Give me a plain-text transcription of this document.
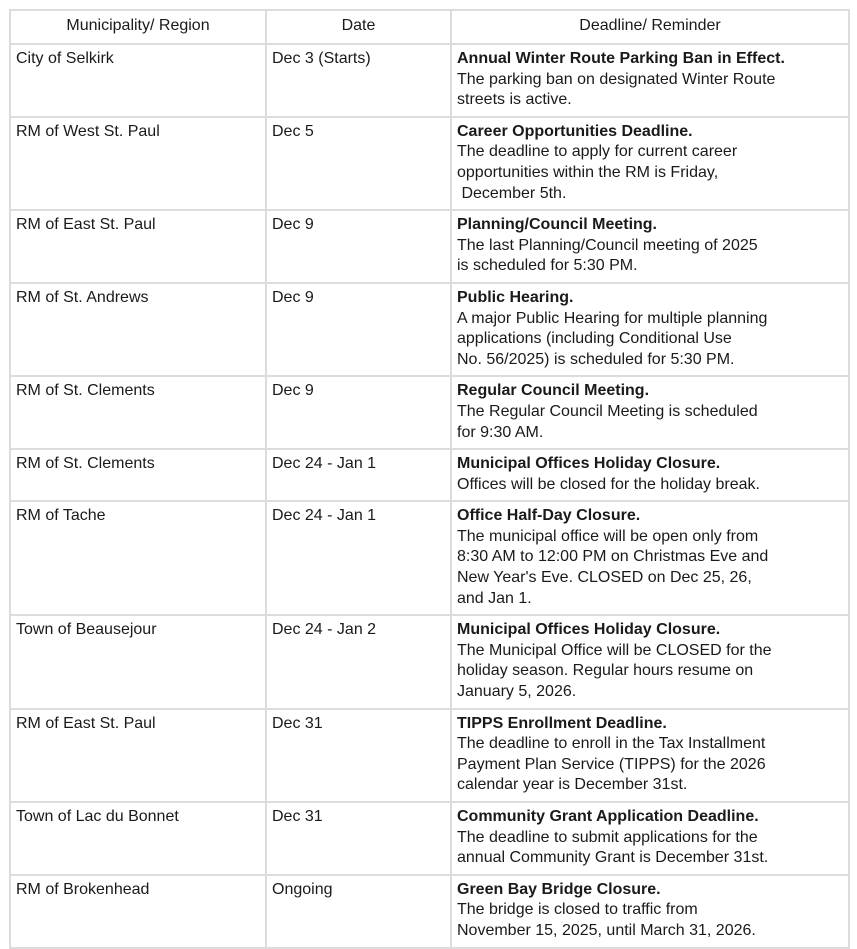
Municipality/ Region	Date	Deadline/ Reminder
City of Selkirk	Dec 3 (Starts)	Annual Winter Route Parking Ban in Effect.
The parking ban on designated Winter Route
streets is active.

RM of West St. Paul	Dec 5	Career Opportunities Deadline.
The deadline to apply for current career
opportunities within the RM is Friday,
December 5th.

RM of East St. Paul	Dec 9	Planning/Council Meeting.
The last Planning/Council meeting of 2025
is scheduled for 5:30 PM.

RM of St. Andrews	Dec 9	Public Hearing.
A major Public Hearing for multiple planning
applications (including Conditional Use
No. 56/2025) is scheduled for 5:30 PM.

RM of St. Clements	Dec 9	Regular Council Meeting.
The Regular Council Meeting is scheduled
for 9:30 AM.

RM of St. Clements	Dec 24 - Jan 1	Municipal Offices Holiday Closure.
Offices will be closed for the holiday break.

RM of Tache	Dec 24 - Jan 1	Office Half-Day Closure.
The municipal office will be open only from
8:30 AM to 12:00 PM on Christmas Eve and
New Year's Eve. CLOSED on Dec 25, 26,
and Jan 1.

Town of Beausejour	Dec 24 - Jan 2	Municipal Offices Holiday Closure.
The Municipal Office will be CLOSED for the
holiday season. Regular hours resume on
January 5, 2026.

RM of East St. Paul	Dec 31	TIPPS Enrollment Deadline.
The deadline to enroll in the Tax Installment
Payment Plan Service (TIPPS) for the 2026
calendar year is December 31st.

Town of Lac du Bonnet	Dec 31	Community Grant Application Deadline.
The deadline to submit applications for the
annual Community Grant is December 31st.

RM of Brokenhead	Ongoing	Green Bay Bridge Closure.
The bridge is closed to traffic from
November 15, 2025, until March 31, 2026.
